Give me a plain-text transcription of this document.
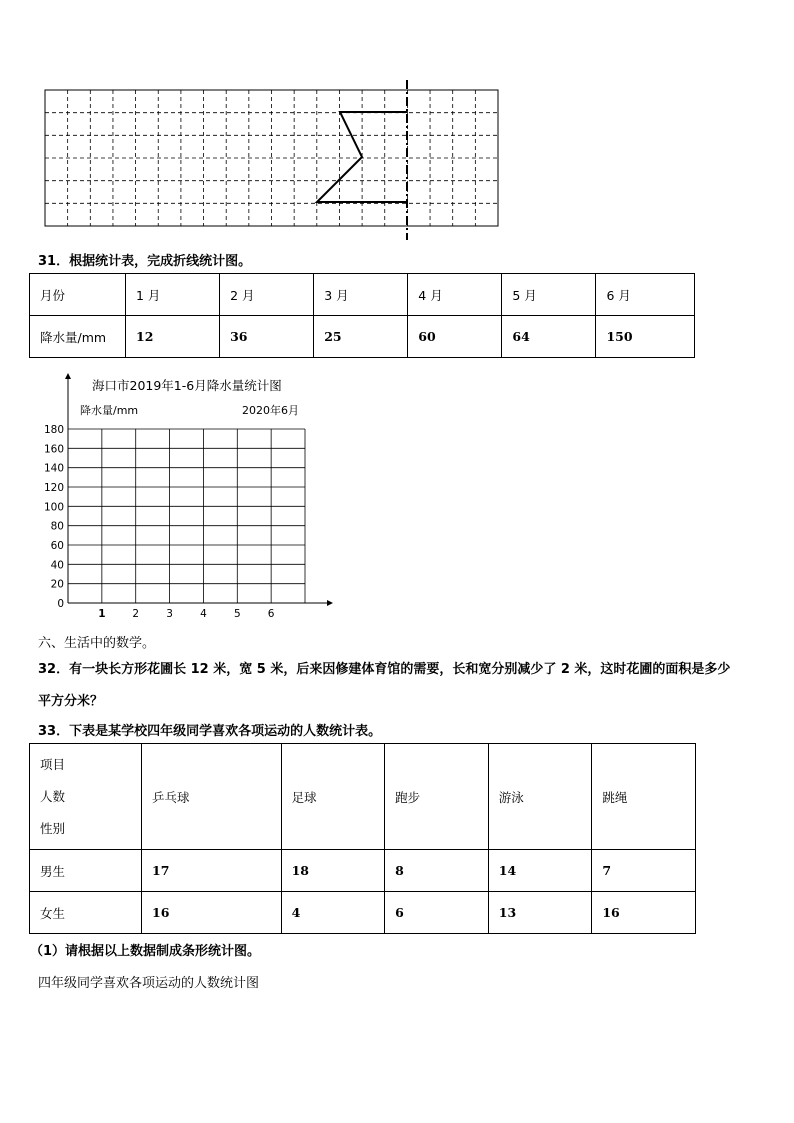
31．根据统计表，完成折线统计图。
月份	1 月	2 月	3 月	4 月	5 月	6 月
降水量/mm	12	36	25	60	64	150
海口市2019年1-6月降水量统计图
降水量/mm	2020年6月
0
20
40
60
80
100
120
140
160
180
1	2	3	4	5	6
六、生活中的数学。
32．有一块长方形花圃长 12 米，宽 5 米，后来因修建体育馆的需要，长和宽分别减少了 2 米，这时花圃的面积是多少
平方分米？
33．下表是某学校四年级同学喜欢各项运动的人数统计表。
项目
人数
性别	乒乓球	足球	跑步	游泳	跳绳
男生	17	18	8	14	7
女生	16	4	6	13	16
（1）请根据以上数据制成条形统计图。
四年级同学喜欢各项运动的人数统计图
